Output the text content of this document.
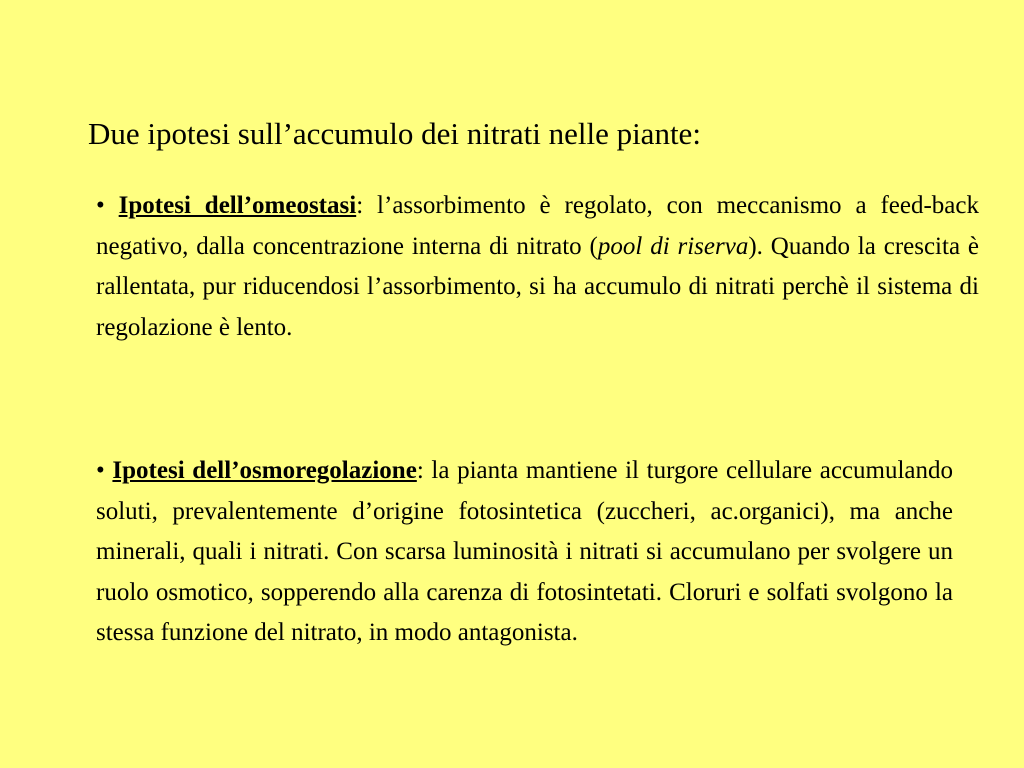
Due ipotesi sull’accumulo dei nitrati nelle piante:
• Ipotesi dell’omeostasi: l’assorbimento è regolato, con meccanismo a feed-back negativo, dalla concentrazione interna di nitrato (pool di riserva). Quando la crescita è rallentata, pur riducendosi l’assorbimento, si ha accumulo di nitrati perchè il sistema di regolazione è lento.
• Ipotesi dell’osmoregolazione: la pianta mantiene il turgore cellulare accumulando soluti, prevalentemente d’origine fotosintetica (zuccheri, ac.organici), ma anche minerali, quali i nitrati. Con scarsa luminosità i nitrati si accumulano per svolgere un ruolo osmotico, sopperendo alla carenza di fotosintetati. Cloruri e solfati svolgono la stessa funzione del nitrato, in modo antagonista.
